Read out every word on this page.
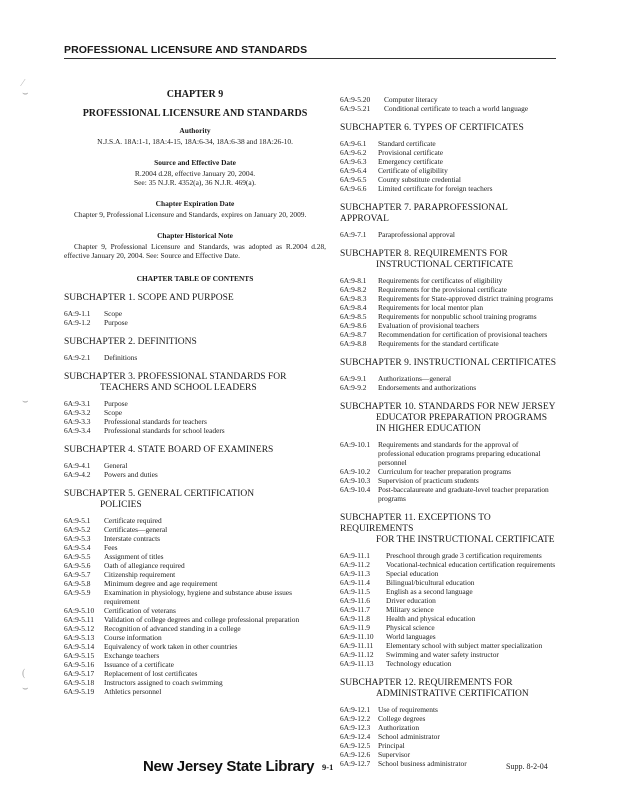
PROFESSIONAL LICENSURE AND STANDARDS
CHAPTER 9
PROFESSIONAL LICENSURE AND STANDARDS
Authority

N.J.S.A. 18A:1-1, 18A:4-15, 18A:6-34, 18A:6-38 and 18A:26-10.

Source and Effective Date

R.2004 d.28, effective January 20, 2004.

See: 35 N.J.R. 4352(a), 36 N.J.R. 469(a).

Chapter Expiration Date

Chapter 9, Professional Licensure and Standards, expires on January 20, 2009.

Chapter Historical Note

Chapter 9, Professional Licensure and Standards, was adopted as R.2004 d.28, effective January 20, 2004. See: Source and Effective Date.

CHAPTER TABLE OF CONTENTS
SUBCHAPTER 1. SCOPE AND PURPOSE
6A:9-1.1	Scope
6A:9-1.2	Purpose
SUBCHAPTER 2. DEFINITIONS
6A:9-2.1	Definitions
SUBCHAPTER 3. PROFESSIONAL STANDARDS FOR
TEACHERS AND SCHOOL LEADERS
6A:9-3.1	Purpose
6A:9-3.2	Scope
6A:9-3.3	Professional standards for teachers
6A:9-3.4	Professional standards for school leaders
SUBCHAPTER 4. STATE BOARD OF EXAMINERS
6A:9-4.1	General
6A:9-4.2	Powers and duties
SUBCHAPTER 5. GENERAL CERTIFICATION
POLICIES
6A:9-5.1	Certificate required
6A:9-5.2	Certificates—general
6A:9-5.3	Interstate contracts
6A:9-5.4	Fees
6A:9-5.5	Assignment of titles
6A:9-5.6	Oath of allegiance required
6A:9-5.7	Citizenship requirement
6A:9-5.8	Minimum degree and age requirement
6A:9-5.9	Examination in physiology, hygiene and substance abuse issues requirement
6A:9-5.10	Certification of veterans
6A:9-5.11	Validation of college degrees and college professional preparation
6A:9-5.12	Recognition of advanced standing in a college
6A:9-5.13	Course information
6A:9-5.14	Equivalency of work taken in other countries
6A:9-5.15	Exchange teachers
6A:9-5.16	Issuance of a certificate
6A:9-5.17	Replacement of lost certificates
6A:9-5.18	Instructors assigned to coach swimming
6A:9-5.19	Athletics personnel
6A:9-5.20	Computer literacy
6A:9-5.21	Conditional certificate to teach a world language
SUBCHAPTER 6. TYPES OF CERTIFICATES
6A:9-6.1	Standard certificate
6A:9-6.2	Provisional certificate
6A:9-6.3	Emergency certificate
6A:9-6.4	Certificate of eligibility
6A:9-6.5	County substitute credential
6A:9-6.6	Limited certificate for foreign teachers
SUBCHAPTER 7. PARAPROFESSIONAL APPROVAL
6A:9-7.1	Paraprofessional approval
SUBCHAPTER 8. REQUIREMENTS FOR
INSTRUCTIONAL CERTIFICATE
6A:9-8.1	Requirements for certificates of eligibility
6A:9-8.2	Requirements for the provisional certificate
6A:9-8.3	Requirements for State-approved district training programs
6A:9-8.4	Requirements for local mentor plan
6A:9-8.5	Requirements for nonpublic school training programs
6A:9-8.6	Evaluation of provisional teachers
6A:9-8.7	Recommendation for certification of provisional teachers
6A:9-8.8	Requirements for the standard certificate
SUBCHAPTER 9. INSTRUCTIONAL CERTIFICATES
6A:9-9.1	Authorizations—general
6A:9-9.2	Endorsements and authorizations
SUBCHAPTER 10. STANDARDS FOR NEW JERSEY
EDUCATOR PREPARATION PROGRAMS IN HIGHER EDUCATION
6A:9-10.1	Requirements and standards for the approval of professional education programs preparing educational personnel
6A:9-10.2	Curriculum for teacher preparation programs
6A:9-10.3	Supervision of practicum students
6A:9-10.4	Post-baccalaureate and graduate-level teacher preparation programs
SUBCHAPTER 11. EXCEPTIONS TO REQUIREMENTS
FOR THE INSTRUCTIONAL CERTIFICATE
6A:9-11.1	Preschool through grade 3 certification requirements
6A:9-11.2	Vocational-technical education certification requirements
6A:9-11.3	Special education
6A:9-11.4	Bilingual/bicultural education
6A:9-11.5	English as a second language
6A:9-11.6	Driver education
6A:9-11.7	Military science
6A:9-11.8	Health and physical education
6A:9-11.9	Physical science
6A:9-11.10	World languages
6A:9-11.11	Elementary school with subject matter specialization
6A:9-11.12	Swimming and water safety instructor
6A:9-11.13	Technology education
SUBCHAPTER 12. REQUIREMENTS FOR
ADMINISTRATIVE CERTIFICATION
6A:9-12.1	Use of requirements
6A:9-12.2	College degrees
6A:9-12.3	Authorization
6A:9-12.4	School administrator
6A:9-12.5	Principal
6A:9-12.6	Supervisor
6A:9-12.7	School business administrator
New Jersey State Library 9-1	Supp. 8-2-04
⁄
⌣
⌣
(
⌣
